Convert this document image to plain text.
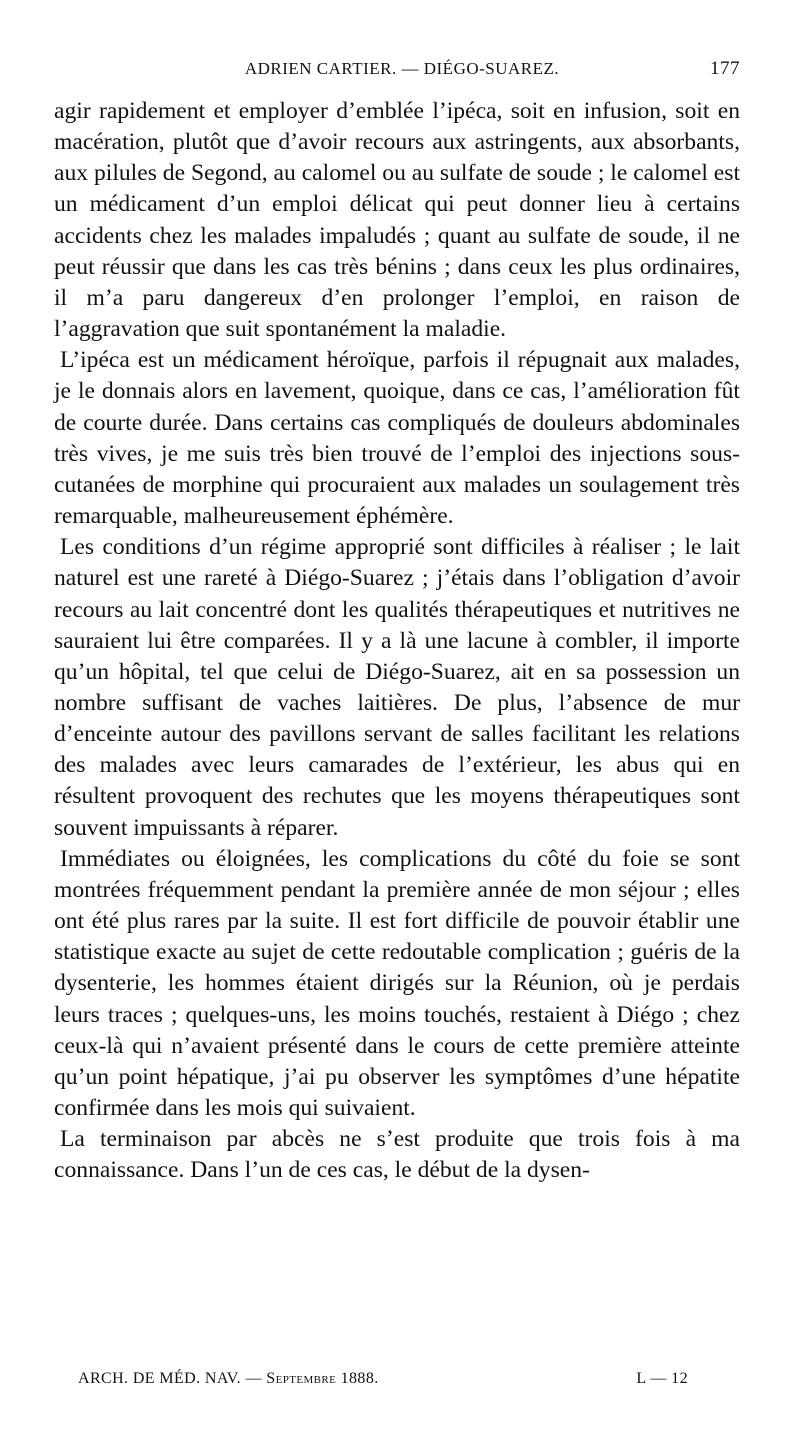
ADRIEN CARTIER. — DIÉGO-SUAREZ.	177

agir rapidement et employer d’emblée l’ipéca, soit en infusion, soit en macération, plutôt que d’avoir recours aux astringents, aux absorbants, aux pilules de Segond, au calomel ou au sulfate de soude ; le calomel est un médicament d’un emploi délicat qui peut donner lieu à certains accidents chez les malades impaludés ; quant au sulfate de soude, il ne peut réussir que dans les cas très bénins ; dans ceux les plus ordinaires, il m’a paru dangereux d’en prolonger l’emploi, en raison de l’aggravation que suit spontanément la maladie.

L’ipéca est un médicament héroïque, parfois il répugnait aux malades, je le donnais alors en lavement, quoique, dans ce cas, l’amélioration fût de courte durée. Dans certains cas compliqués de douleurs abdominales très vives, je me suis très bien trouvé de l’emploi des injections sous-cutanées de morphine qui procuraient aux malades un soulagement très remarquable, malheureusement éphémère.

Les conditions d’un régime approprié sont difficiles à réaliser ; le lait naturel est une rareté à Diégo-Suarez ; j’étais dans l’obligation d’avoir recours au lait concentré dont les qualités thérapeutiques et nutritives ne sauraient lui être comparées. Il y a là une lacune à combler, il importe qu’un hôpital, tel que celui de Diégo-Suarez, ait en sa possession un nombre suffisant de vaches laitières. De plus, l’absence de mur d’enceinte autour des pavillons servant de salles facilitant les relations des malades avec leurs camarades de l’extérieur, les abus qui en résultent provoquent des rechutes que les moyens thérapeutiques sont souvent impuissants à réparer.

Immédiates ou éloignées, les complications du côté du foie se sont montrées fréquemment pendant la première année de mon séjour ; elles ont été plus rares par la suite. Il est fort difficile de pouvoir établir une statistique exacte au sujet de cette redoutable complication ; guéris de la dysenterie, les hommes étaient dirigés sur la Réunion, où je perdais leurs traces ; quelques-uns, les moins touchés, restaient à Diégo ; chez ceux-là qui n’avaient présenté dans le cours de cette première atteinte qu’un point hépatique, j’ai pu observer les symptômes d’une hépatite confirmée dans les mois qui suivaient.

La terminaison par abcès ne s’est produite que trois fois à ma connaissance. Dans l’un de ces cas, le début de la dysen-

ARCH. DE MÉD. NAV. — Septembre 1888.	L — 12
